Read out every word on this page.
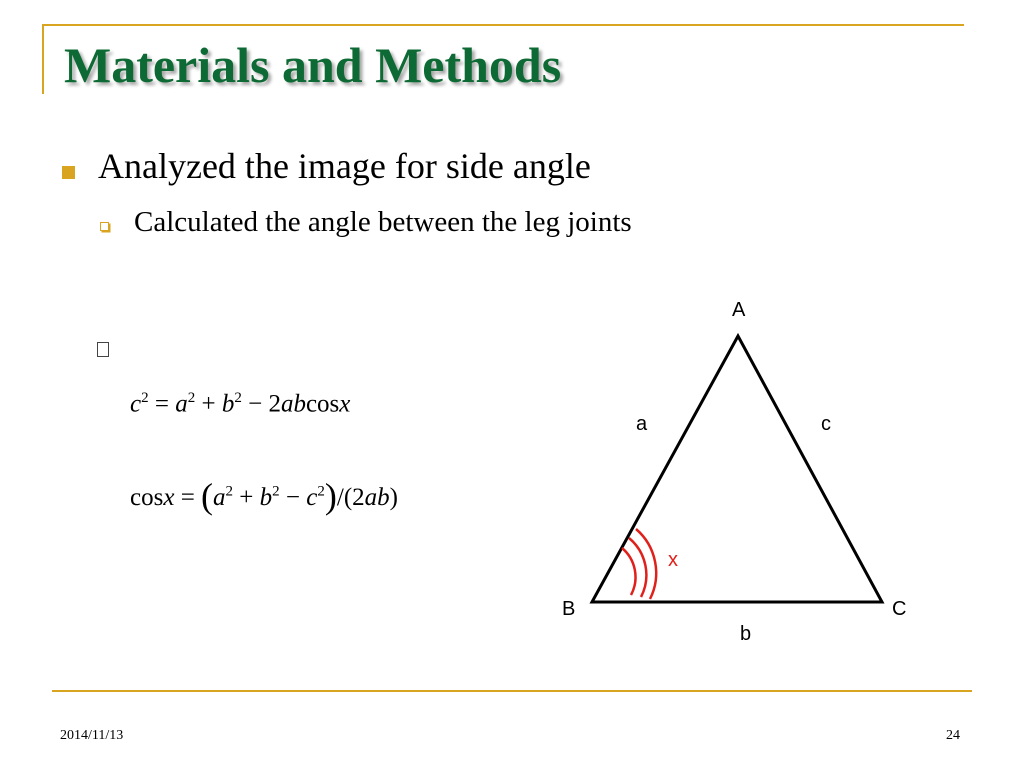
Materials and Methods
Analyzed the image for side angle
Calculated the angle between the leg joints
$c^2 = a^2 + b^2 - 2abcosx$
$\cos x = (a^2 + b^2 - c^2)/(2ab)$
A
B	C
a	c
b
x
2014/11/13	24
